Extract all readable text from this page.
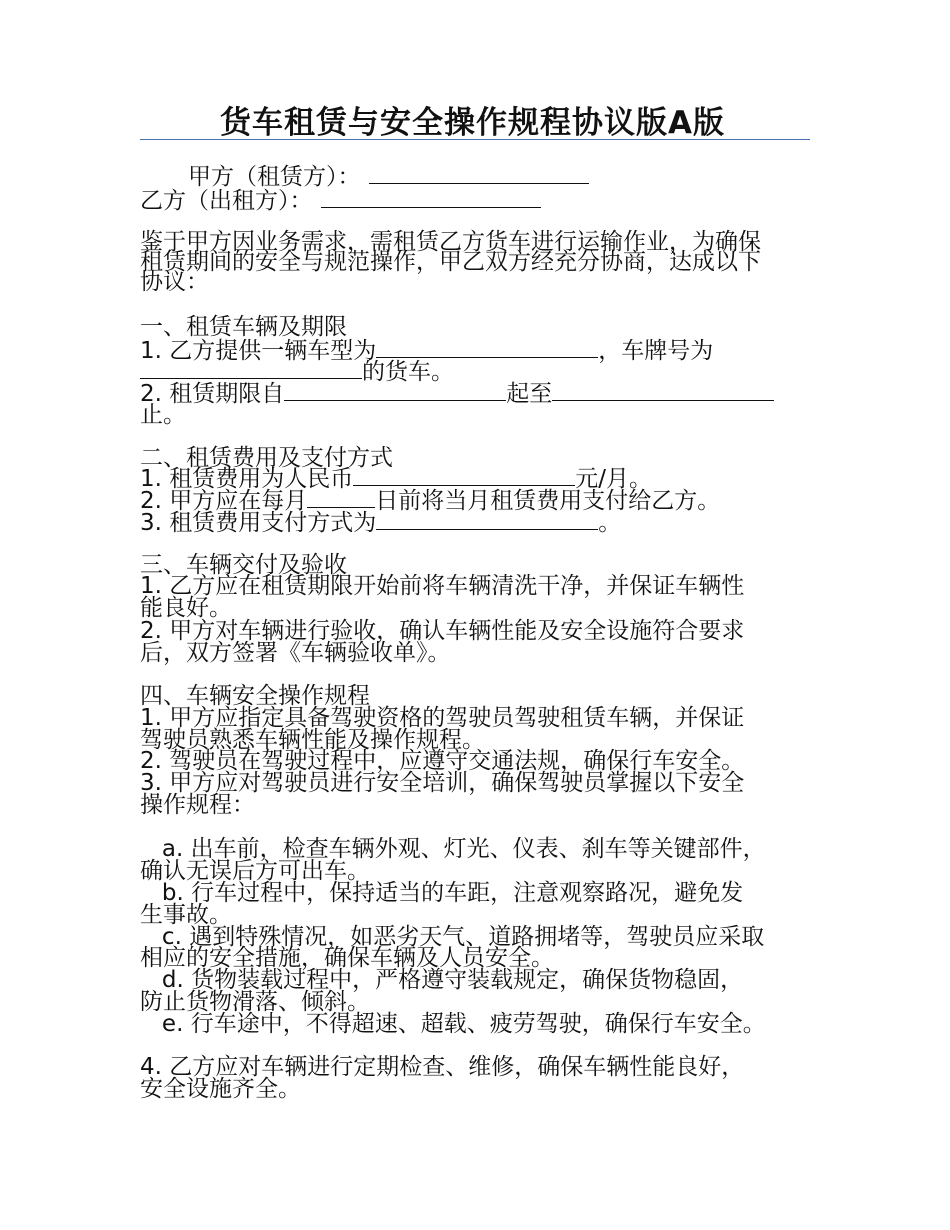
货车租赁与安全操作规程协议版A版
甲方（租赁方）：
乙方（出租方）：
鉴于甲方因业务需求，需租赁乙方货车进行运输作业，为确保
租赁期间的安全与规范操作，甲乙双方经充分协商，达成以下
协议：
一、租赁车辆及期限
1. 乙方提供一辆车型为	，车牌号为
的货车。
2. 租赁期限自	起至
止。
二、租赁费用及支付方式
1. 租赁费用为人民币	元/月。
2. 甲方应在每月	日前将当月租赁费用支付给乙方。
3. 租赁费用支付方式为	。
三、车辆交付及验收
1. 乙方应在租赁期限开始前将车辆清洗干净，并保证车辆性
能良好。
2. 甲方对车辆进行验收，确认车辆性能及安全设施符合要求
后，双方签署《车辆验收单》。
四、车辆安全操作规程
1. 甲方应指定具备驾驶资格的驾驶员驾驶租赁车辆，并保证
驾驶员熟悉车辆性能及操作规程。
2. 驾驶员在驾驶过程中，应遵守交通法规，确保行车安全。
3. 甲方应对驾驶员进行安全培训，确保驾驶员掌握以下安全
操作规程：
a. 出车前，检查车辆外观、灯光、仪表、刹车等关键部件，
确认无误后方可出车。
b. 行车过程中，保持适当的车距，注意观察路况，避免发
生事故。
c. 遇到特殊情况，如恶劣天气、道路拥堵等，驾驶员应采取
相应的安全措施，确保车辆及人员安全。
d. 货物装载过程中，严格遵守装载规定，确保货物稳固，
防止货物滑落、倾斜。
e. 行车途中，不得超速、超载、疲劳驾驶，确保行车安全。
4. 乙方应对车辆进行定期检查、维修，确保车辆性能良好，
安全设施齐全。
